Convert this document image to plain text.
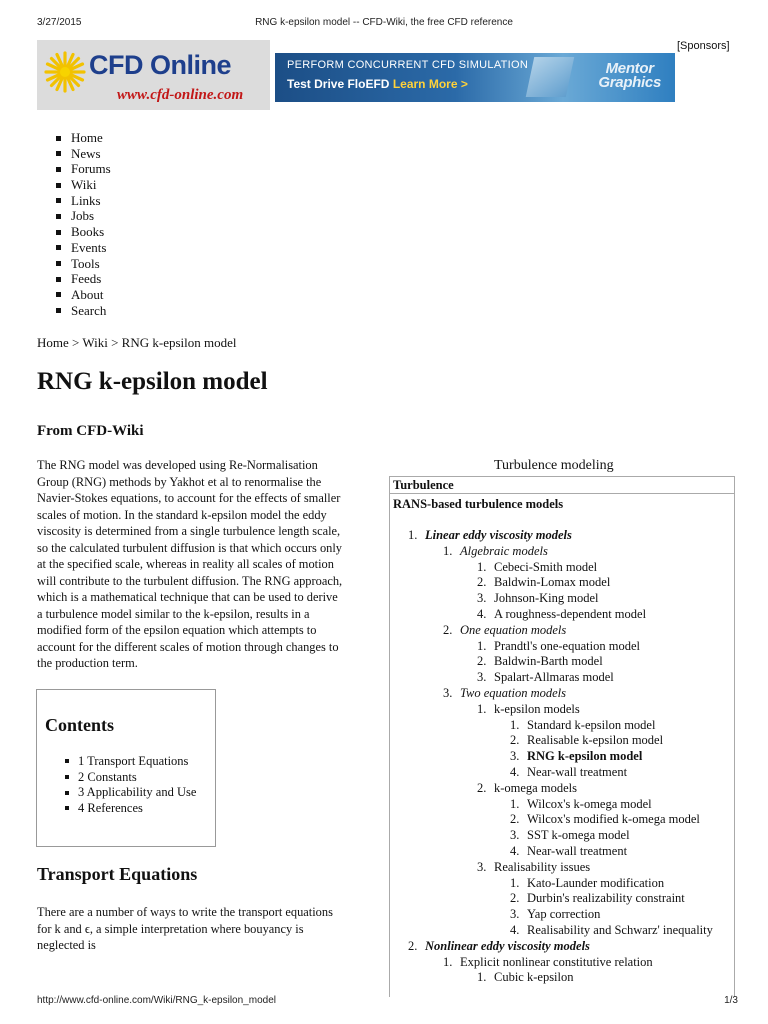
3/27/2015	RNG k-epsilon model -- CFD-Wiki, the free CFD reference
CFD Online
www.cfd-online.com
PERFORM CONCURRENT CFD SIMULATION
Test Drive FloEFD Learn More >
Mentor
Graphics
[Sponsors]
Home
News
Forums
Wiki
Links
Jobs
Books
Events
Tools
Feeds
About
Search
Home > Wiki > RNG k-epsilon model
RNG k-epsilon model
From CFD-Wiki
The RNG model was developed using Re-Normalisation
Group (RNG) methods by Yakhot et al to renormalise the
Navier-Stokes equations, to account for the effects of smaller
scales of motion. In the standard k-epsilon model the eddy
viscosity is determined from a single turbulence length scale,
so the calculated turbulent diffusion is that which occurs only
at the specified scale, whereas in reality all scales of motion
will contribute to the turbulent diffusion. The RNG approach,
which is a mathematical technique that can be used to derive
a turbulence model similar to the k-epsilon, results in a
modified form of the epsilon equation which attempts to
account for the different scales of motion through changes to
the production term.
Contents
1 Transport Equations
2 Constants
3 Applicability and Use
4 References
Transport Equations
There are a number of ways to write the transport equations
for k and ϵ, a simple interpretation where bouyancy is
neglected is
Turbulence modeling
Turbulence
RANS-based turbulence models
1. Linear eddy viscosity models
1. Algebraic models
1. Cebeci-Smith model
2. Baldwin-Lomax model
3. Johnson-King model
4. A roughness-dependent model
2. One equation models
1. Prandtl's one-equation model
2. Baldwin-Barth model
3. Spalart-Allmaras model
3. Two equation models
1. k-epsilon models
1. Standard k-epsilon model
2. Realisable k-epsilon model
3. RNG k-epsilon model
4. Near-wall treatment
2. k-omega models
1. Wilcox's k-omega model
2. Wilcox's modified k-omega model
3. SST k-omega model
4. Near-wall treatment
3. Realisability issues
1. Kato-Launder modification
2. Durbin's realizability constraint
3. Yap correction
4. Realisability and Schwarz' inequality
2. Nonlinear eddy viscosity models
1. Explicit nonlinear constitutive relation
1. Cubic k-epsilon
http://www.cfd-online.com/Wiki/RNG_k-epsilon_model	1/3
